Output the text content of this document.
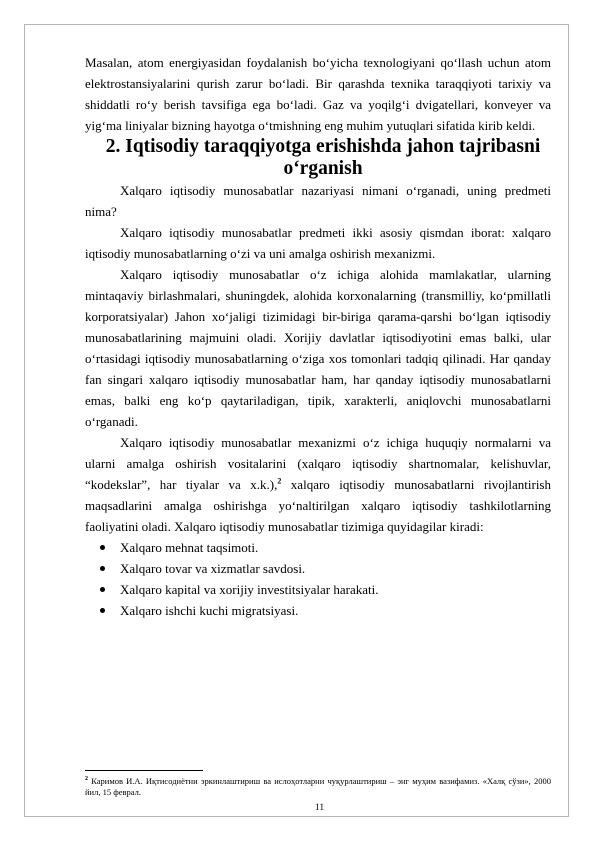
Masalan, atom energiyasidan foydalanish bo‘yicha texnologiyani qo‘llash uchun atom elektrostansiyalarini qurish zarur bo‘ladi. Bir qarashda texnika taraqqiyoti tarixiy va shiddatli ro‘y berish tavsifiga ega bo‘ladi. Gaz va yoqilg‘i dvigatellari, konveyer va yig‘ma liniyalar bizning hayotga o‘tmishning eng muhim yutuqlari sifatida kirib keldi.

2. Iqtisodiy taraqqiyotga erishishda jahon tajribasni o‘rganish

Xalqaro iqtisodiy munosabatlar nazariyasi nimani o‘rganadi, uning predmeti nima?

Xalqaro iqtisodiy munosabatlar predmeti ikki asosiy qismdan iborat: xalqaro iqtisodiy munosabatlarning o‘zi va uni amalga oshirish mexanizmi.

Xalqaro iqtisodiy munosabatlar o‘z ichiga alohida mamlakatlar, ularning mintaqaviy birlashmalari, shuningdek, alohida korxonalarning (transmilliy, ko‘pmillatli korporatsiyalar) Jahon xo‘jaligi tizimidagi bir-biriga qarama-qarshi bo‘lgan iqtisodiy munosabatlarining majmuini oladi. Xorijiy davlatlar iqtisodiyotini emas balki, ular o‘rtasidagi iqtisodiy munosabatlarning o‘ziga xos tomonlari tadqiq qilinadi. Har qanday fan singari xalqaro iqtisodiy munosabatlar ham, har qanday iqtisodiy munosabatlarni emas, balki eng ko‘p qaytariladigan, tipik, xarakterli, aniqlovchi munosabatlarni o‘rganadi.

Xalqaro iqtisodiy munosabatlar mexanizmi o‘z ichiga huquqiy normalarni va ularni amalga oshirish vositalarini (xalqaro iqtisodiy shartnomalar, kelishuvlar, “kodekslar”, har tiyalar va x.k.),$^2$ xalqaro iqtisodiy munosabatlarni rivojlantirish maqsadlarini amalga oshirishga yo‘naltirilgan xalqaro iqtisodiy tashkilotlarning faoliyatini oladi. Xalqaro iqtisodiy munosabatlar tizimiga quyidagilar kiradi:

Xalqaro mehnat taqsimoti.
Xalqaro tovar va xizmatlar savdosi.
Xalqaro kapital va xorijiy investitsiyalar harakati.
Xalqaro ishchi kuchi migratsiyasi.
$^2$ Каримов И.А. Иқтисодиётни эркинлаштириш ва ислоҳотларни чуқурлаштириш – энг муҳим вазифамиз. «Халқ сўзи», 2000 йил, 15 феврал.
11
